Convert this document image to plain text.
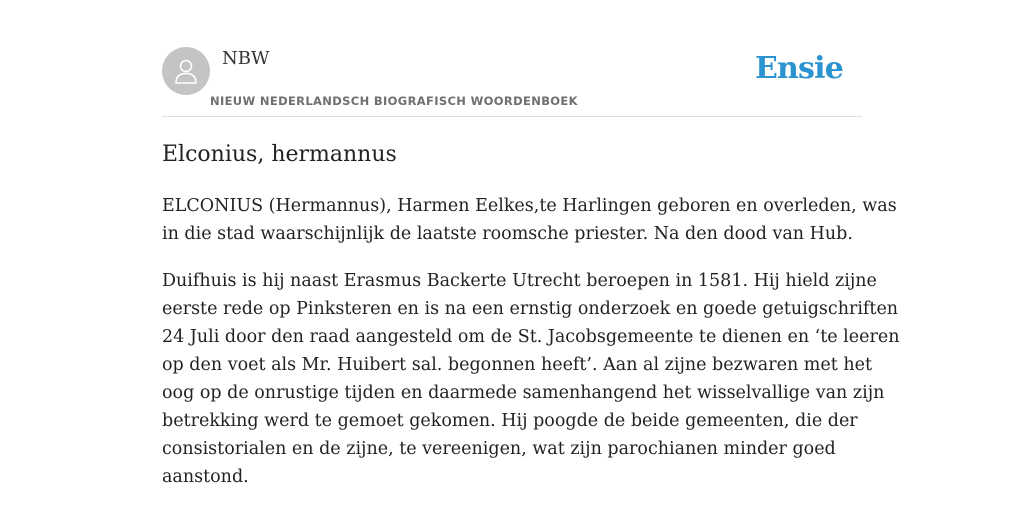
NBW
NIEUW NEDERLANDSCH BIOGRAFISCH WOORDENBOEK
Ensie
Elconius, hermannus

ELCONIUS (Hermannus), Harmen Eelkes,te Harlingen geboren en overleden, was
in die stad waarschijnlijk de laatste roomsche priester. Na den dood van Hub.

Duifhuis is hij naast Erasmus Backerte Utrecht beroepen in 1581. Hij hield zijne
eerste rede op Pinksteren en is na een ernstig onderzoek en goede getuigschriften
24 Juli door den raad aangesteld om de St. Jacobsgemeente te dienen en ‘te leeren
op den voet als Mr. Huibert sal. begonnen heeft’. Aan al zijne bezwaren met het
oog op de onrustige tijden en daarmede samenhangend het wisselvallige van zijn
betrekking werd te gemoet gekomen. Hij poogde de beide gemeenten, die der
consistorialen en de zijne, te vereenigen, wat zijn parochianen minder goed
aanstond.
